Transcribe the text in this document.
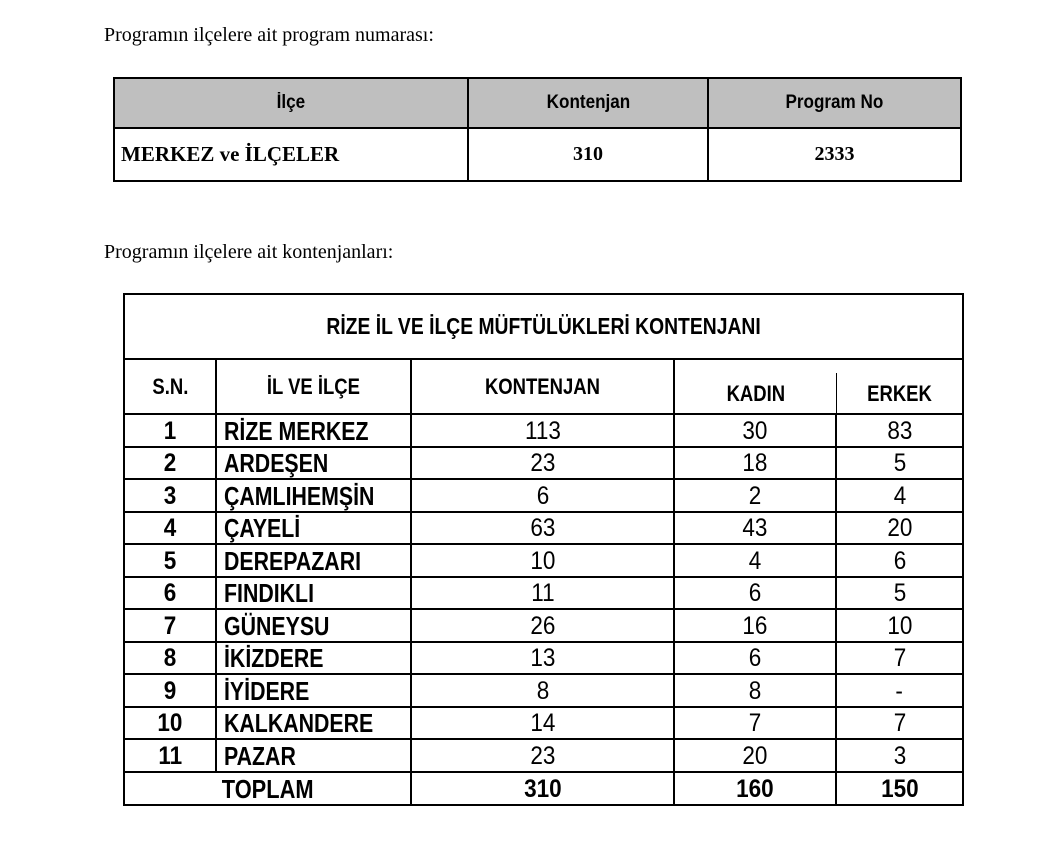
Programın ilçelere ait program numarası:

İlçe	Kontenjan	Program No
MERKEZ ve İLÇELER	310	2333

Programın ilçelere ait kontenjanları:

RİZE İL VE İLÇE MÜFTÜLÜKLERİ KONTENJANI				
S.N.	İL VE İLÇE	KONTENJAN	KADIN	ERKEK
1	RİZE MERKEZ	113	30	83
2	ARDEŞEN	23	18	5
3	ÇAMLIHEMŞİN	6	2	4
4	ÇAYELİ	63	43	20
5	DEREPAZARI	10	4	6
6	FINDIKLI	11	6	5
7	GÜNEYSU	26	16	10
8	İKİZDERE	13	6	7
9	İYİDERE	8	8	-
10	KALKANDERE	14	7	7
11	PAZAR	23	20	3
TOPLAM		310	160	150
